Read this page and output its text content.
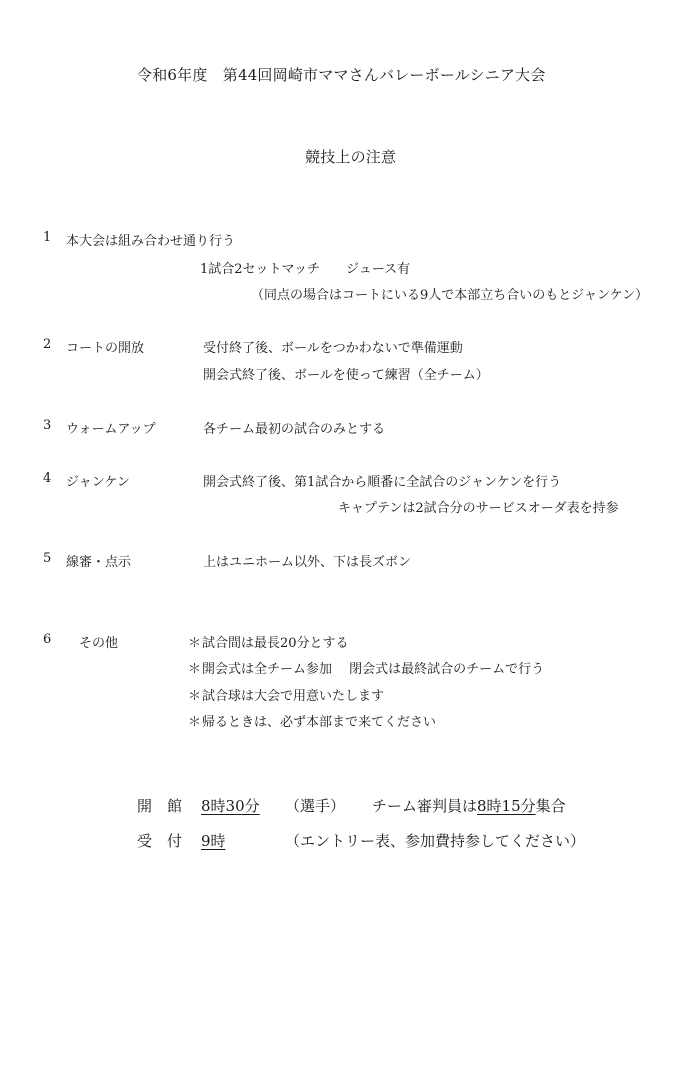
令和6年度　第44回岡崎市ママさんバレーボールシニア大会
競技上の注意
1 本大会は組み合わせ通り行う
1試合2セットマッチ　　ジュース有
（同点の場合はコートにいる9人で本部立ち合いのもとジャンケン）
2 コートの開放	受付終了後、ボールをつかわないで準備運動
開会式終了後、ボールを使って練習（全チーム）
3 ウォームアップ	各チーム最初の試合のみとする
4 ジャンケン	開会式終了後、第1試合から順番に全試合のジャンケンを行う
キャプテンは2試合分のサービスオーダ表を持参
5 線審・点示	上はユニホーム以外、下は長ズボン
6 その他	＊試合間は最長20分とする
＊開会式は全チーム参加　 閉会式は最終試合のチームで行う
＊試合球は大会で用意いたします
＊帰るときは、必ず本部まで来てください
開　館 8時30分 （選手） チーム審判員は8時15分集合
受　付 9時	（エントリー表、参加費持参してください）
